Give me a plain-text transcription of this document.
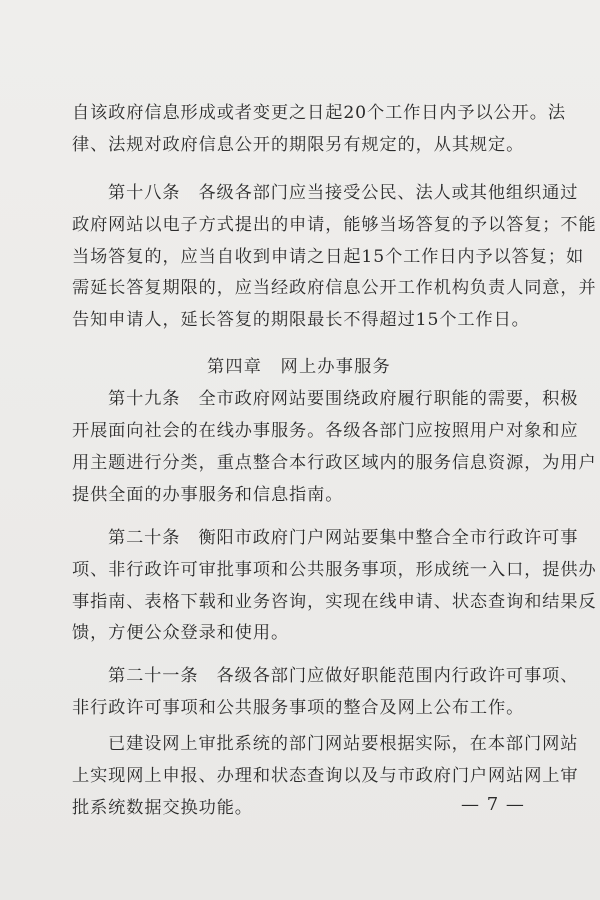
自该政府信息形成或者变更之日起20个工作日内予以公开。法
律、法规对政府信息公开的期限另有规定的，从其规定。
第十八条　各级各部门应当接受公民、法人或其他组织通过
政府网站以电子方式提出的申请，能够当场答复的予以答复；不能
当场答复的，应当自收到申请之日起15个工作日内予以答复；如
需延长答复期限的，应当经政府信息公开工作机构负责人同意，并
告知申请人，延长答复的期限最长不得超过15个工作日。
第四章　网上办事服务
第十九条　全市政府网站要围绕政府履行职能的需要，积极
开展面向社会的在线办事服务。各级各部门应按照用户对象和应
用主题进行分类，重点整合本行政区域内的服务信息资源，为用户
提供全面的办事服务和信息指南。
第二十条　衡阳市政府门户网站要集中整合全市行政许可事
项、非行政许可审批事项和公共服务事项，形成统一入口，提供办
事指南、表格下载和业务咨询，实现在线申请、状态查询和结果反
馈，方便公众登录和使用。
第二十一条　各级各部门应做好职能范围内行政许可事项、
非行政许可事项和公共服务事项的整合及网上公布工作。
已建设网上审批系统的部门网站要根据实际，在本部门网站
上实现网上申报、办理和状态查询以及与市政府门户网站网上审
批系统数据交换功能。	— 7 —
